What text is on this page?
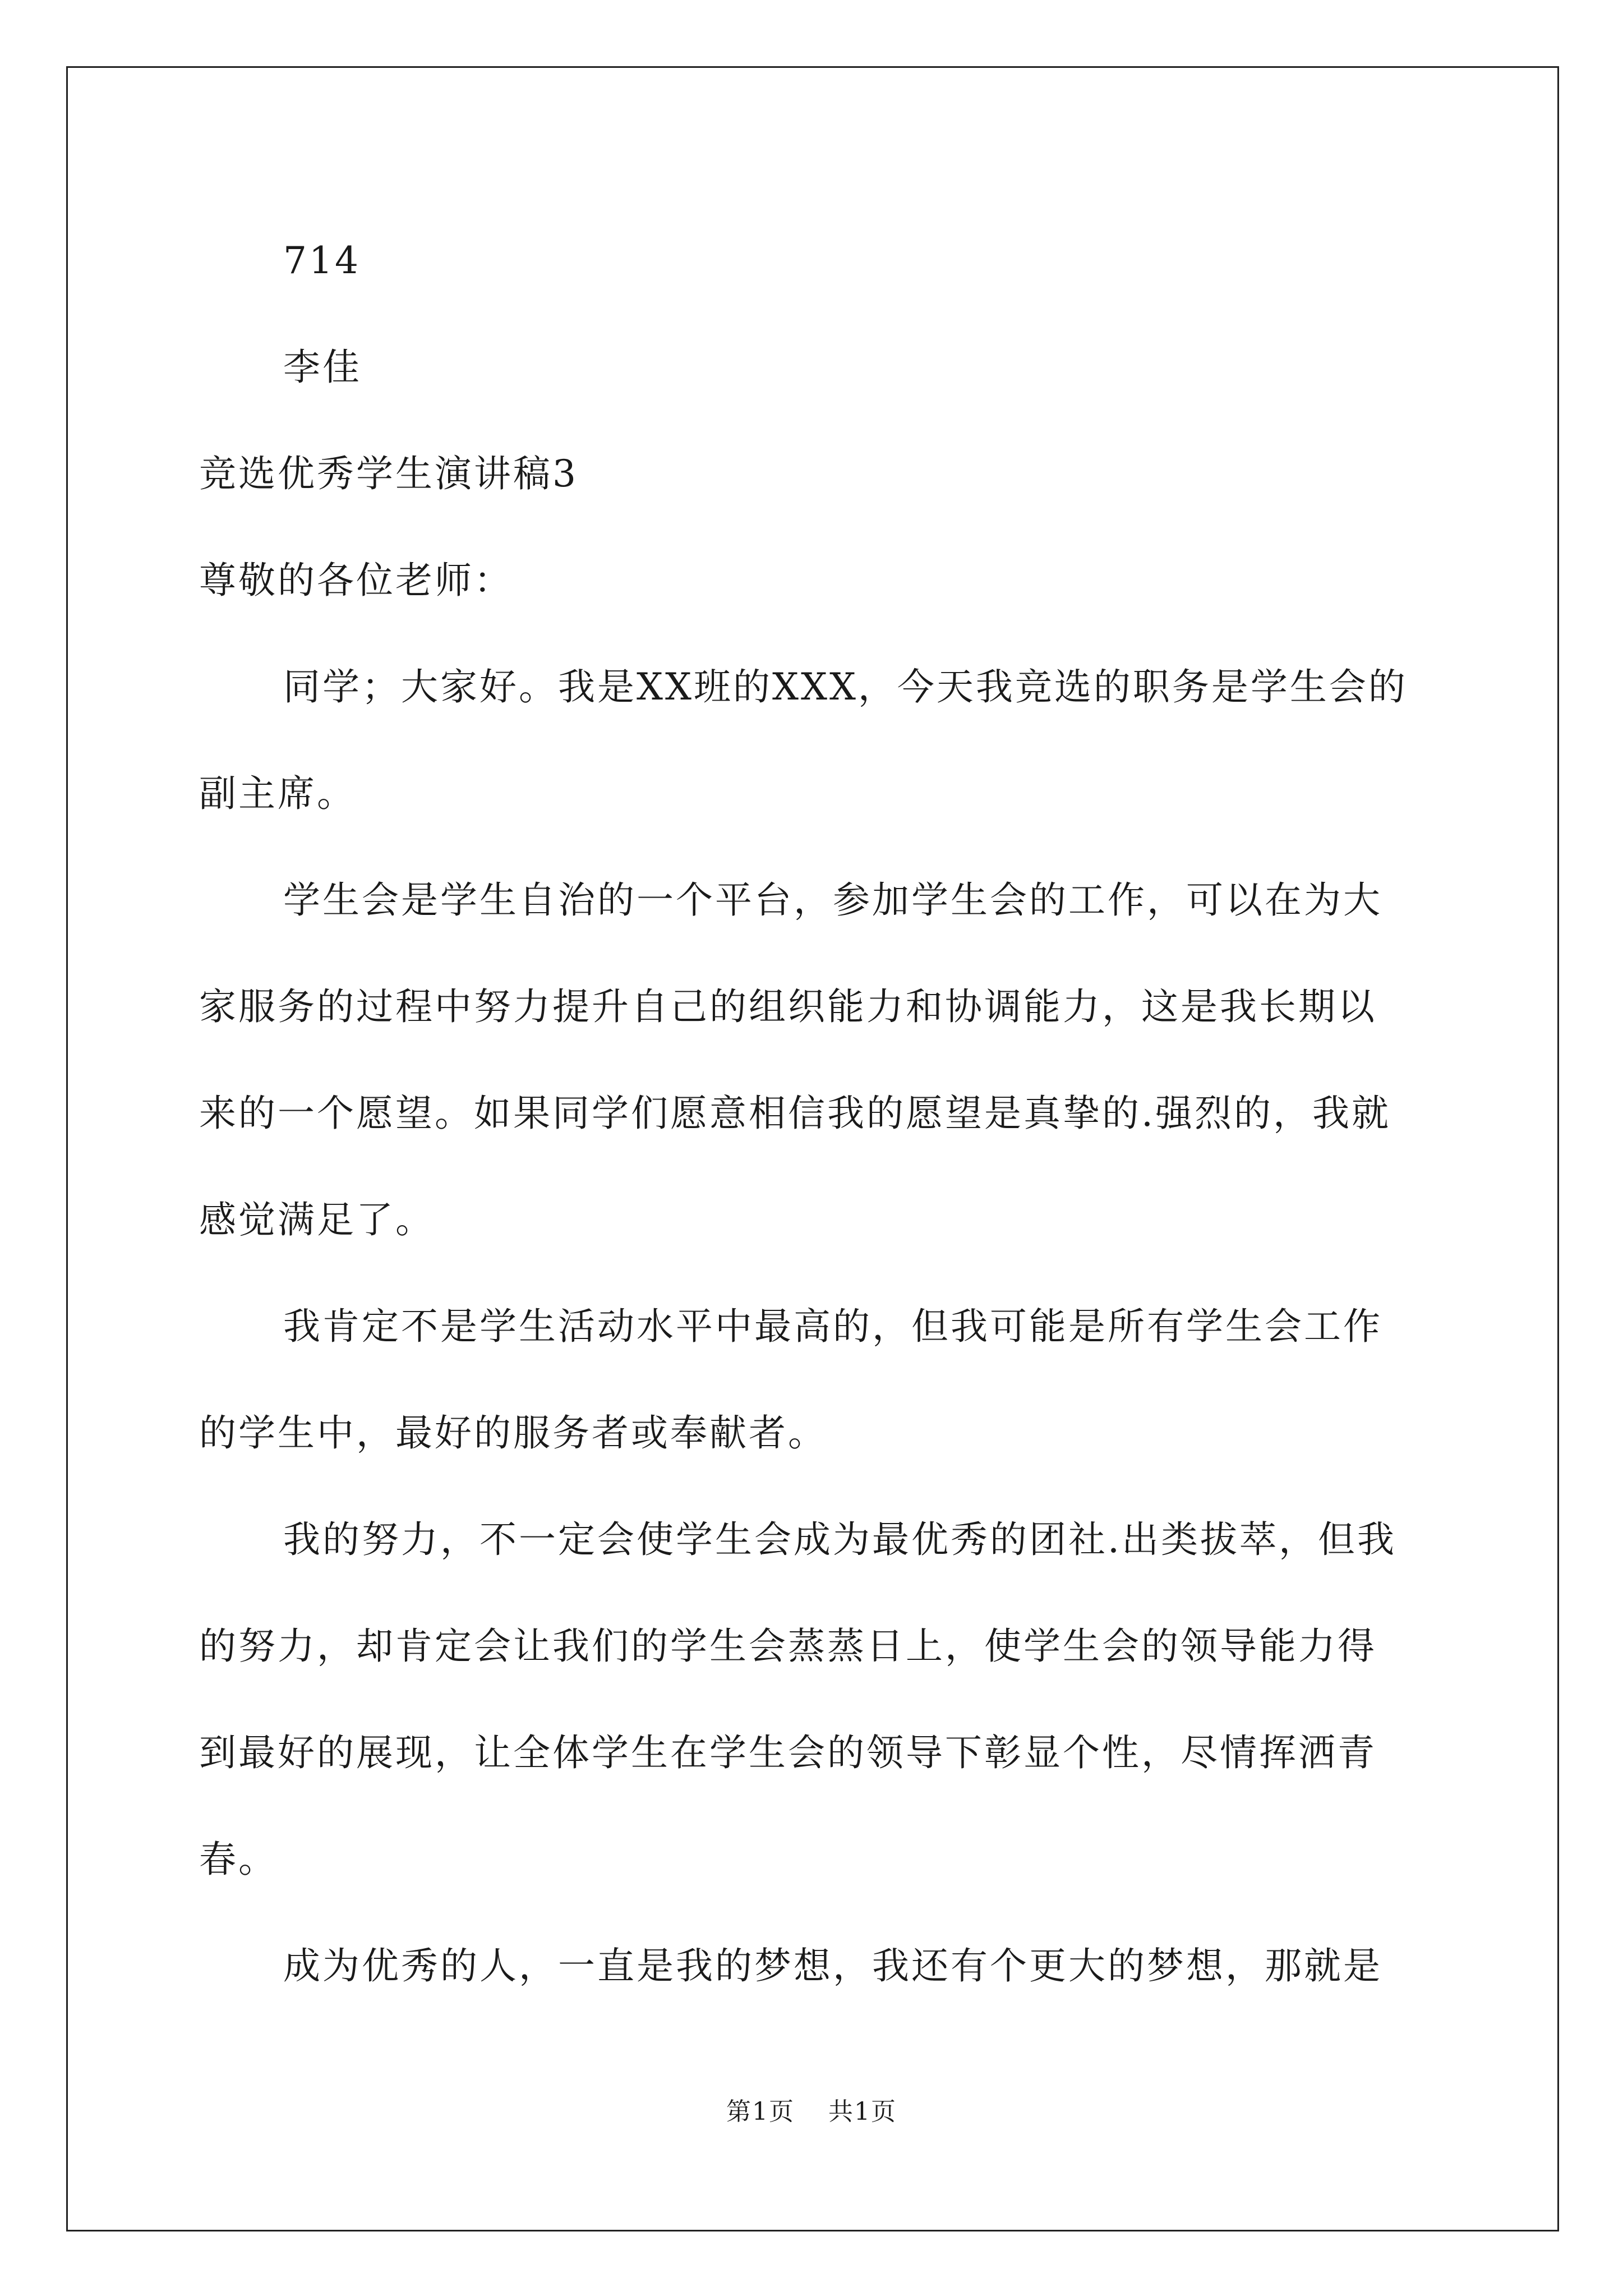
714
李佳
竞选优秀学生演讲稿3
尊敬的各位老师：
同学；大家好。我是XX班的XXX，今天我竞选的职务是学生会的
副主席。
学生会是学生自治的一个平台，参加学生会的工作，可以在为大
家服务的过程中努力提升自己的组织能力和协调能力，这是我长期以
来的一个愿望。如果同学们愿意相信我的愿望是真挚的.强烈的，我就
感觉满足了。
我肯定不是学生活动水平中最高的，但我可能是所有学生会工作
的学生中，最好的服务者或奉献者。
我的努力，不一定会使学生会成为最优秀的团社.出类拔萃，但我
的努力，却肯定会让我们的学生会蒸蒸日上，使学生会的领导能力得
到最好的展现，让全体学生在学生会的领导下彰显个性，尽情挥洒青
春。
成为优秀的人，一直是我的梦想，我还有个更大的梦想，那就是
第1页 共1页
